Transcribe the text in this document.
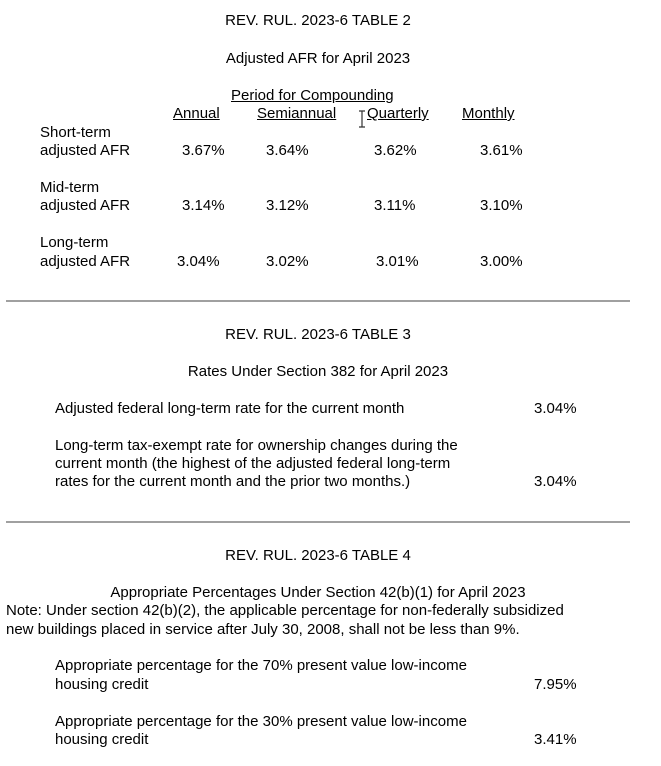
REV. RUL. 2023-6 TABLE 2
Adjusted AFR for April 2023
Period for Compounding
Annual Semiannual Quarterly Monthly
Short-term
adjusted AFR	3.67%	3.64%	3.62%	3.61%
Mid-term
adjusted AFR	3.14%	3.12%	3.11%	3.10%
Long-term
adjusted AFR	3.04%	3.02%	3.01%	3.00%
REV. RUL. 2023-6 TABLE 3
Rates Under Section 382 for April 2023
Adjusted federal long-term rate for the current month	3.04%
Long-term tax-exempt rate for ownership changes during the
current month (the highest of the adjusted federal long-term
rates for the current month and the prior two months.)	3.04%
REV. RUL. 2023-6 TABLE 4
Appropriate Percentages Under Section 42(b)(1) for April 2023
Note: Under section 42(b)(2), the applicable percentage for non-federally subsidized
new buildings placed in service after July 30, 2008, shall not be less than 9%.
Appropriate percentage for the 70% present value low-income
housing credit	7.95%
Appropriate percentage for the 30% present value low-income
housing credit	3.41%
